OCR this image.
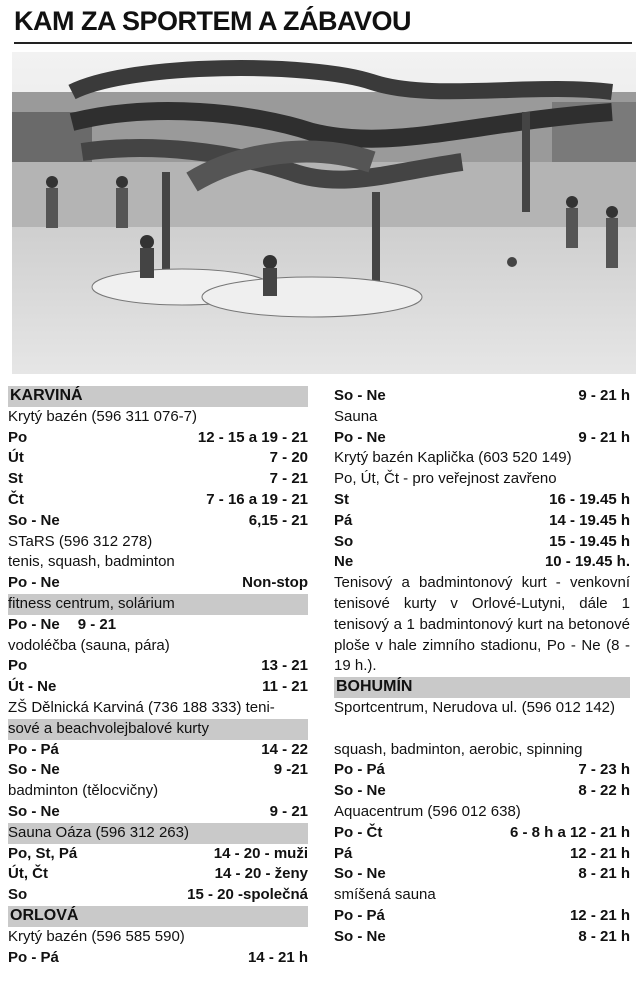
KAM ZA SPORTEM A ZÁBAVOU
KARVINÁ
Krytý bazén (596 311 076-7)
Po	12 - 15 a 19 - 21
Út	7 - 20
St	7 - 21
Čt	7 - 16 a 19 - 21
So - Ne	6,15 - 21
STaRS (596 312 278)
tenis, squash, badminton
Po - Ne	Non-stop
fitness centrum, solárium
Po - Ne 9 - 21
vodoléčba (sauna, pára)
Po	13 - 21
Út - Ne	11 - 21
ZŠ Dělnická Karviná (736 188 333) teni-
sové a beachvolejbalové kurty
Po - Pá	14 - 22
So - Ne	9 -21
badminton (tělocvičny)
So - Ne	9 - 21
Sauna Oáza (596 312 263)
Po, St, Pá	14 - 20 - muži
Út, Čt	14 - 20 - ženy
So	15 - 20 -společná
ORLOVÁ
Krytý bazén (596 585 590)
Po - Pá	14 - 21 h
So - Ne	9 - 21 h
Sauna
Po - Ne	9 - 21 h
Krytý bazén Kaplička (603 520 149)
Po, Út, Čt - pro veřejnost zavřeno
St	16 - 19.45 h
Pá	14 - 19.45 h
So	15 - 19.45 h
Ne	10 - 19.45 h.
Tenisový a badmintonový kurt - venkovní tenisové kurty v Orlové-Lutyni, dále 1 tenisový a 1 badmintonový kurt na betonové ploše v hale zimního stadionu, Po - Ne (8 - 19 h.).
BOHUMÍN
Sportcentrum, Nerudova ul. (596 012 142)
squash, badminton, aerobic, spinning
Po - Pá	7 - 23 h
So - Ne	8 - 22 h
Aquacentrum (596 012 638)
Po - Čt	6 - 8 h a 12 - 21 h
Pá	12 - 21 h
So - Ne	8 - 21 h
smíšená sauna
Po - Pá	12 - 21 h
So - Ne	8 - 21 h
